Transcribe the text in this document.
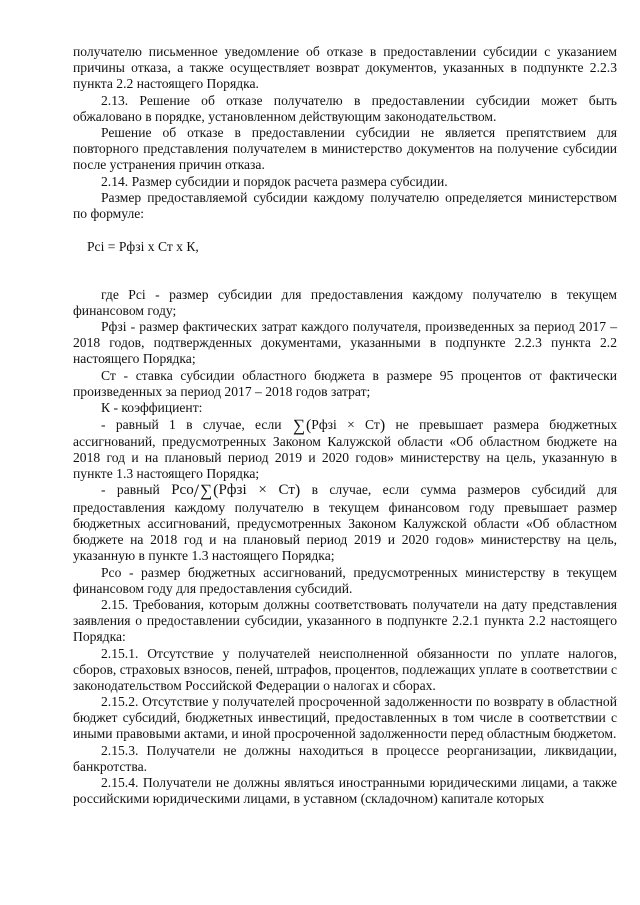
получателю письменное уведомление об отказе в предоставлении субсидии с указанием причины отказа, а также осуществляет возврат документов, указанных в подпункте 2.2.3 пункта 2.2 настоящего Порядка.

2.13. Решение об отказе получателю в предоставлении субсидии может быть обжаловано в порядке, установленном действующим законодательством.

Решение об отказе в предоставлении субсидии не является препятствием для повторного представления получателем в министерство документов на получение субсидии после устранения причин отказа.

2.14. Размер субсидии и порядок расчета размера субсидии.

Размер предоставляемой субсидии каждому получателю определяется министерством по формуле:

Рсі = Рфзі х Ст х К,

где Рсі - размер субсидии для предоставления каждому получателю в текущем финансовом году;

Рфзі - размер фактических затрат каждого получателя, произведенных за период 2017 – 2018 годов, подтвержденных документами, указанными в подпункте 2.2.3 пункта 2.2 настоящего Порядка;

Ст - ставка субсидии областного бюджета в размере 95 процентов от фактически произведенных за период 2017 – 2018 годов затрат;

К - коэффициент:

- равный 1 в случае, если ∑(Рфзі × Ст) не превышает размера бюджетных ассигнований, предусмотренных Законом Калужской области «Об областном бюджете на 2018 год и на плановый период 2019 и 2020 годов» министерству на цель, указанную в пункте 1.3 настоящего Порядка;

- равный Рсо/∑(Рфзі × Ст) в случае, если сумма размеров субсидий для предоставления каждому получателю в текущем финансовом году превышает размер бюджетных ассигнований, предусмотренных Законом Калужской области «Об областном бюджете на 2018 год и на плановый период 2019 и 2020 годов» министерству на цель, указанную в пункте 1.3 настоящего Порядка;

Рсо - размер бюджетных ассигнований, предусмотренных министерству в текущем финансовом году для предоставления субсидий.

2.15. Требования, которым должны соответствовать получатели на дату представления заявления о предоставлении субсидии, указанного в подпункте 2.2.1 пункта 2.2 настоящего Порядка:

2.15.1. Отсутствие у получателей неисполненной обязанности по уплате налогов, сборов, страховых взносов, пеней, штрафов, процентов, подлежащих уплате в соответствии с законодательством Российской Федерации о налогах и сборах.

2.15.2. Отсутствие у получателей просроченной задолженности по возврату в областной бюджет субсидий, бюджетных инвестиций, предоставленных в том числе в соответствии с иными правовыми актами, и иной просроченной задолженности перед областным бюджетом.

2.15.3. Получатели не должны находиться в процессе реорганизации, ликвидации, банкротства.

2.15.4. Получатели не должны являться иностранными юридическими лицами, а также российскими юридическими лицами, в уставном (складочном) капитале которых
